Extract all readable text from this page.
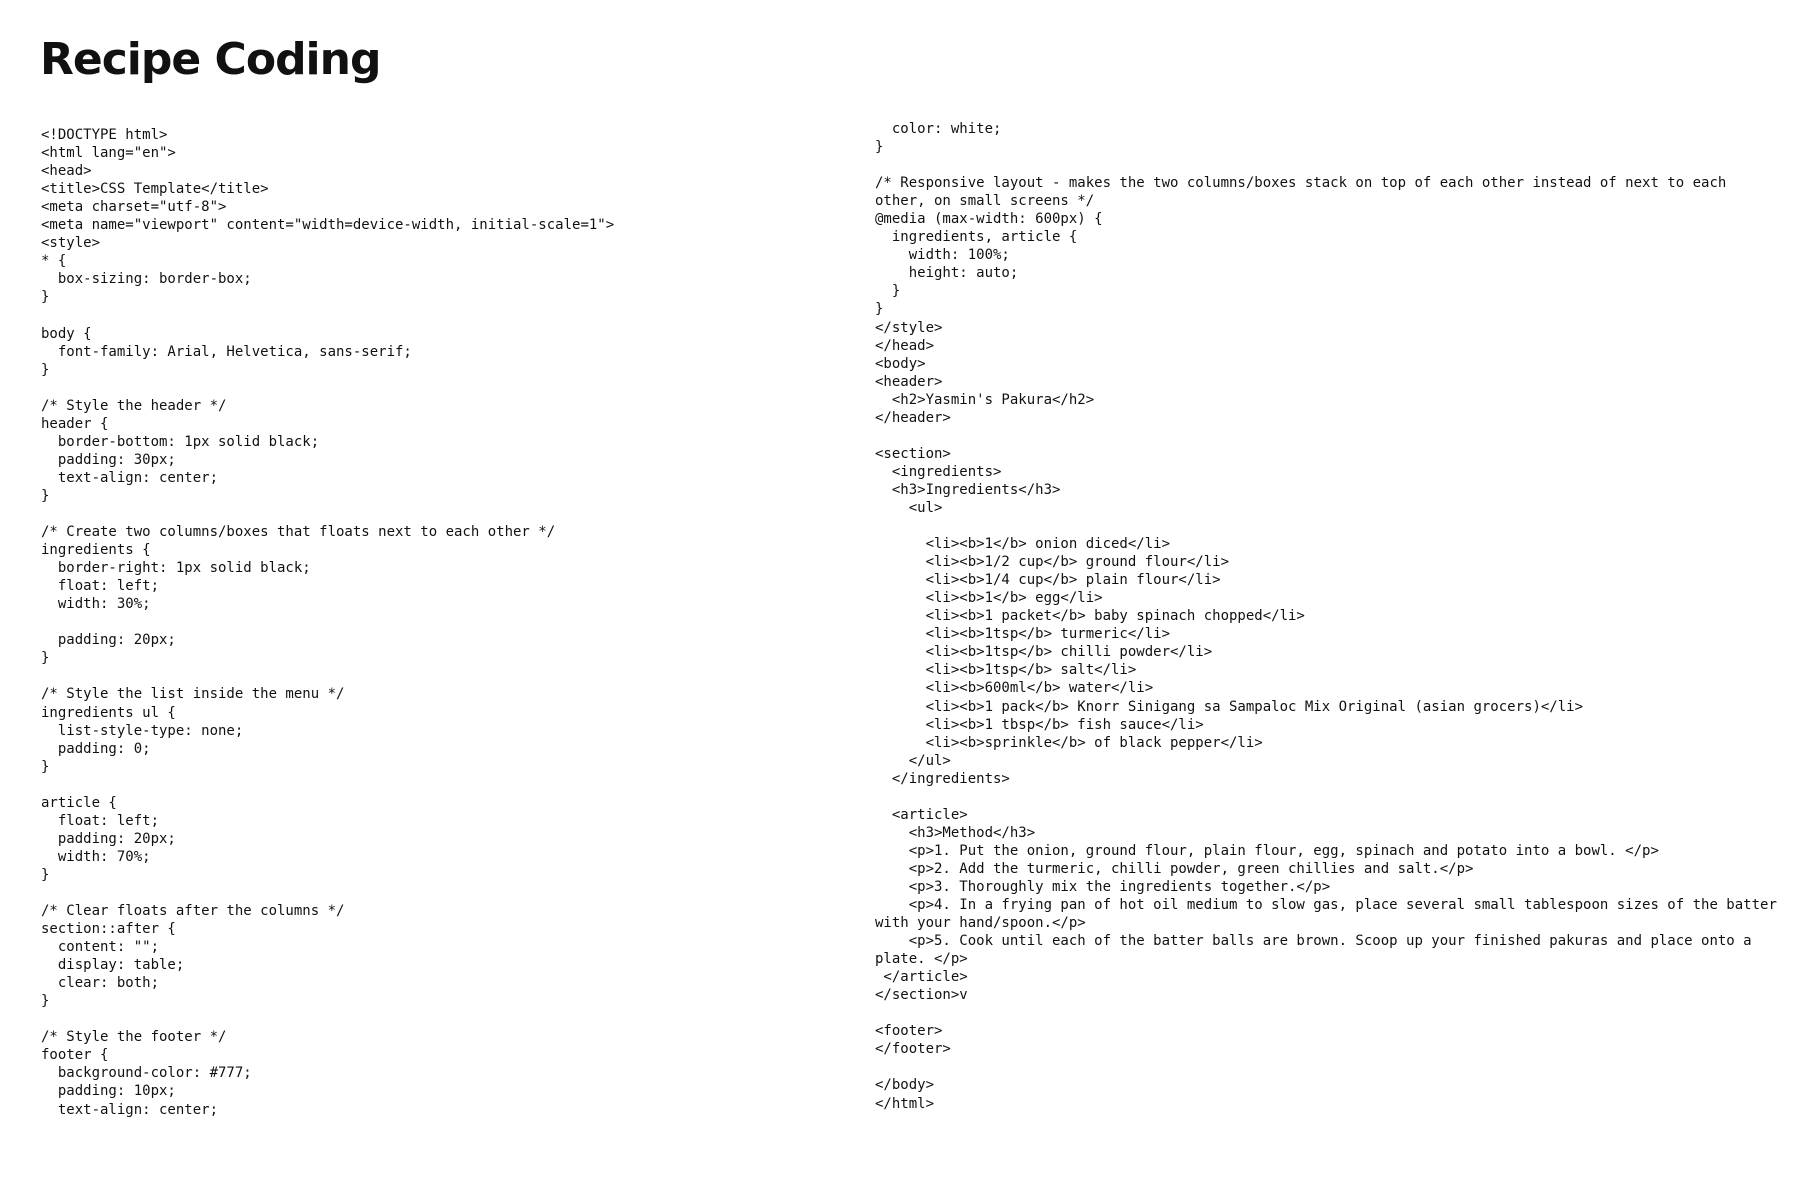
Recipe Coding
<!DOCTYPE html>
<html lang="en">
<head>
<title>CSS Template</title>
<meta charset="utf-8">
<meta name="viewport" content="width=device-width, initial-scale=1">
<style>
* {
box-sizing: border-box;
}

body {
font-family: Arial, Helvetica, sans-serif;
}

/* Style the header */
header {
border-bottom: 1px solid black;
padding: 30px;
text-align: center;
}

/* Create two columns/boxes that floats next to each other */
ingredients {
border-right: 1px solid black;
float: left;
width: 30%;

padding: 20px;
}

/* Style the list inside the menu */
ingredients ul {
list-style-type: none;
padding: 0;
}

article {
float: left;
padding: 20px;
width: 70%;
}

/* Clear floats after the columns */
section::after {
content: "";
display: table;
clear: both;
}

/* Style the footer */
footer {
background-color: #777;
padding: 10px;
text-align: center;
color: white;
}

/* Responsive layout - makes the two columns/boxes stack on top of each other instead of next to each
other, on small screens */
@media (max-width: 600px) {
ingredients, article {
width: 100%;
height: auto;
}
}
</style>
</head>
<body>
<header>
<h2>Yasmin's Pakura</h2>
</header>

<section>
<ingredients>
<h3>Ingredients</h3>
<ul>

<li><b>1</b> onion diced</li>
<li><b>1/2 cup</b> ground flour</li>
<li><b>1/4 cup</b> plain flour</li>
<li><b>1</b> egg</li>
<li><b>1 packet</b> baby spinach chopped</li>
<li><b>1tsp</b> turmeric</li>
<li><b>1tsp</b> chilli powder</li>
<li><b>1tsp</b> salt</li>
<li><b>600ml</b> water</li>
<li><b>1 pack</b> Knorr Sinigang sa Sampaloc Mix Original (asian grocers)</li>
<li><b>1 tbsp</b> fish sauce</li>
<li><b>sprinkle</b> of black pepper</li>
</ul>
</ingredients>

<article>
<h3>Method</h3>
<p>1. Put the onion, ground flour, plain flour, egg, spinach and potato into a bowl. </p>
<p>2. Add the turmeric, chilli powder, green chillies and salt.</p>
<p>3. Thoroughly mix the ingredients together.</p>
<p>4. In a frying pan of hot oil medium to slow gas, place several small tablespoon sizes of the batter
with your hand/spoon.</p>
<p>5. Cook until each of the batter balls are brown. Scoop up your finished pakuras and place onto a
plate. </p>
</article>
</section>v

<footer>
</footer>

</body>
</html>
